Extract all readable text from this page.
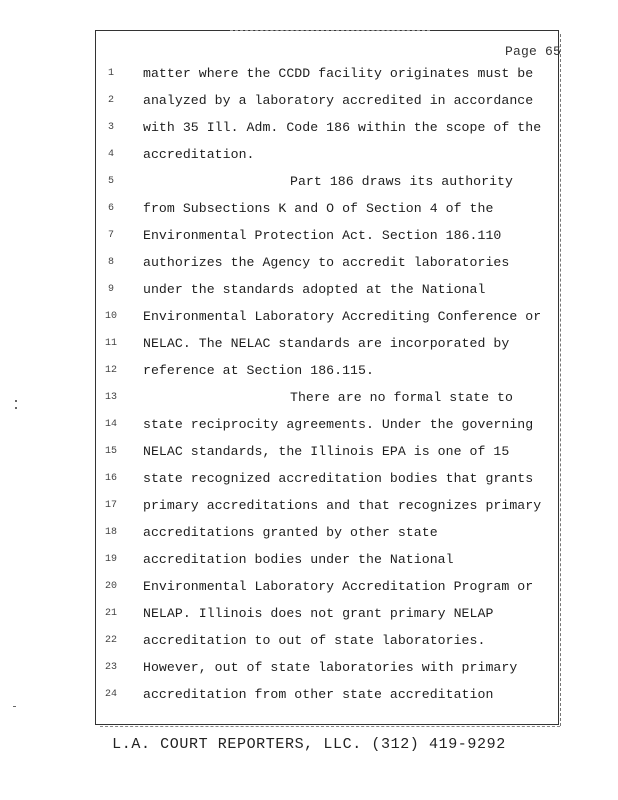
Page 65
1	matter where the CCDD facility originates must be
2	analyzed by a laboratory accredited in accordance
3	with 35 Ill. Adm. Code 186 within the scope of the
4	accreditation.
5	Part 186 draws its authority
6	from Subsections K and O of Section 4 of the
7	Environmental Protection Act. Section 186.110
8	authorizes the Agency to accredit laboratories
9	under the standards adopted at the National
10	Environmental Laboratory Accrediting Conference or
11	NELAC. The NELAC standards are incorporated by
12	reference at Section 186.115.
13	There are no formal state to
14	state reciprocity agreements. Under the governing
15	NELAC standards, the Illinois EPA is one of 15
16	state recognized accreditation bodies that grants
17	primary accreditations and that recognizes primary
18	accreditations granted by other state
19	accreditation bodies under the National
20	Environmental Laboratory Accreditation Program or
21	NELAP. Illinois does not grant primary NELAP
22	accreditation to out of state laboratories.
23	However, out of state laboratories with primary
24	accreditation from other state accreditation
L.A. COURT REPORTERS, LLC. (312) 419-9292
